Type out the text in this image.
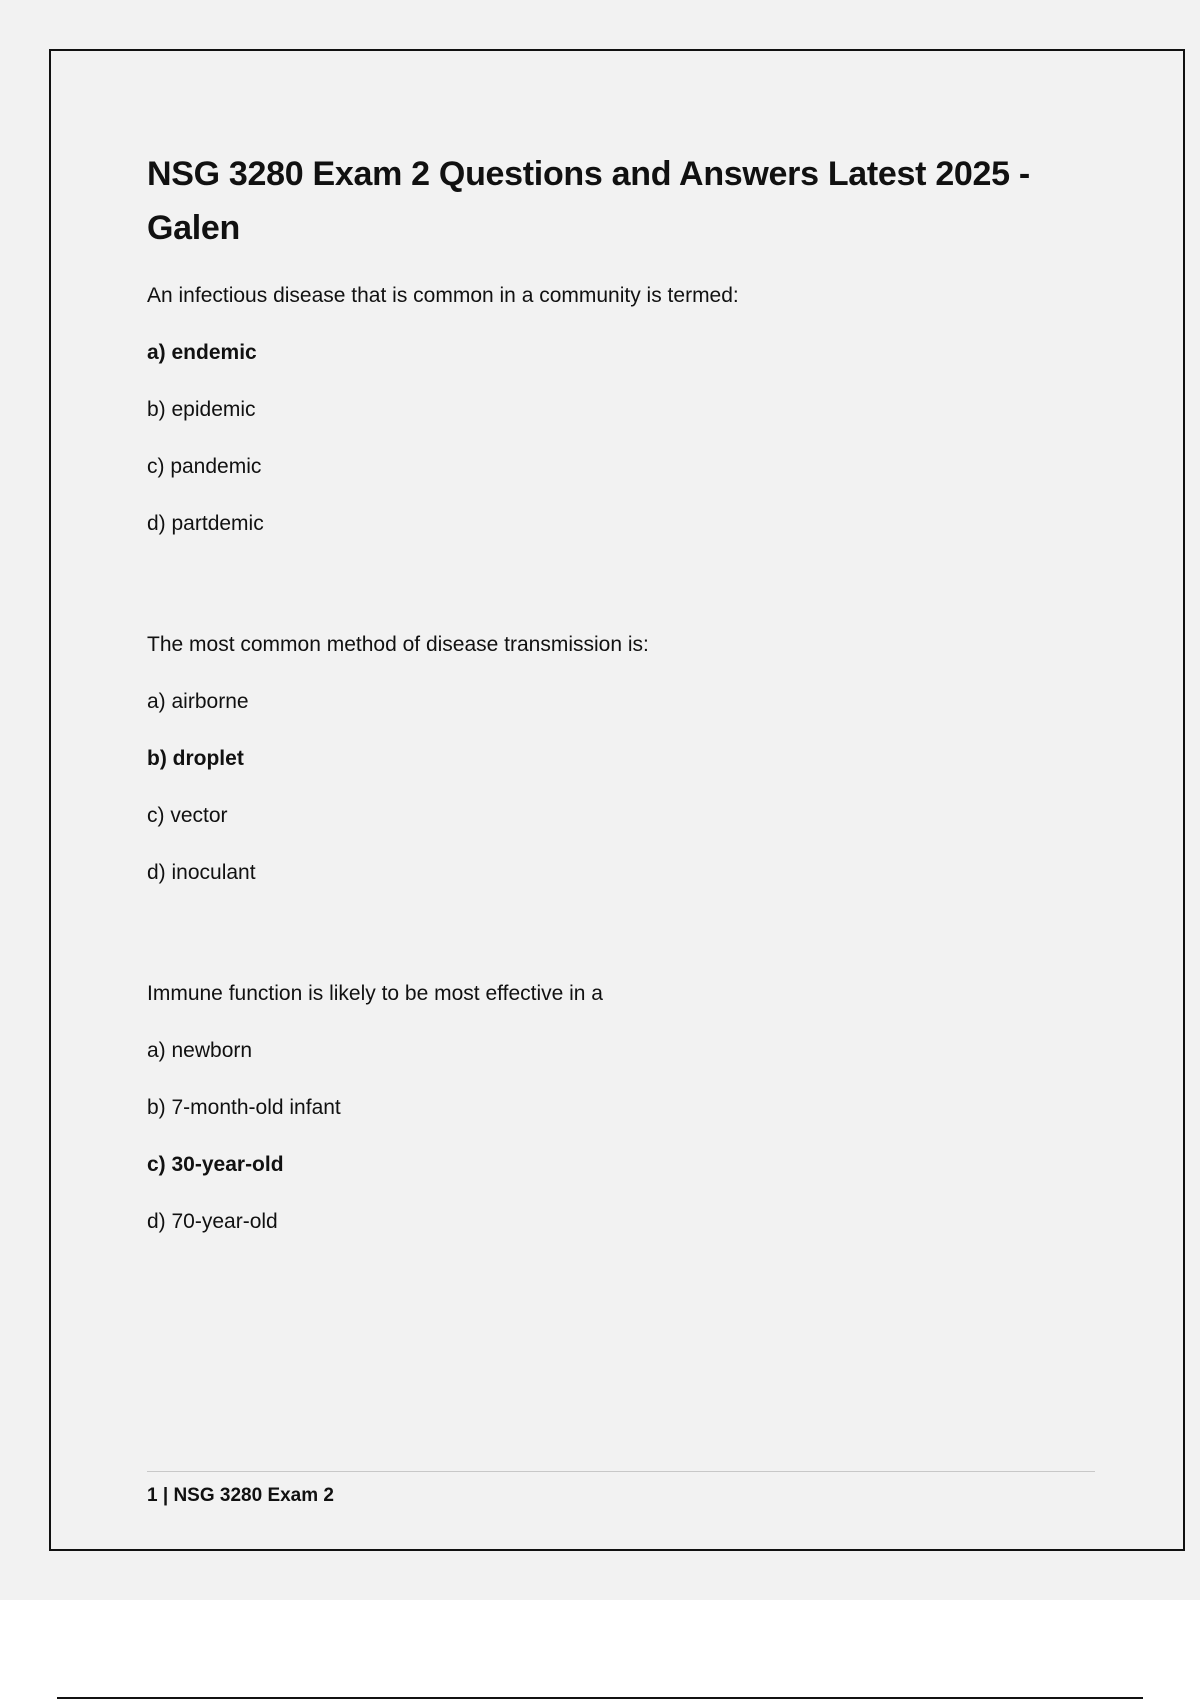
NSG 3280 Exam 2 Questions and Answers Latest 2025 - Galen

An infectious disease that is common in a community is termed:

a) endemic

b) epidemic

c) pandemic

d) partdemic

The most common method of disease transmission is:

a) airborne

b) droplet

c) vector

d) inoculant

Immune function is likely to be most effective in a

a) newborn

b) 7-month-old infant

c) 30-year-old

d) 70-year-old

1 | NSG 3280 Exam 2
